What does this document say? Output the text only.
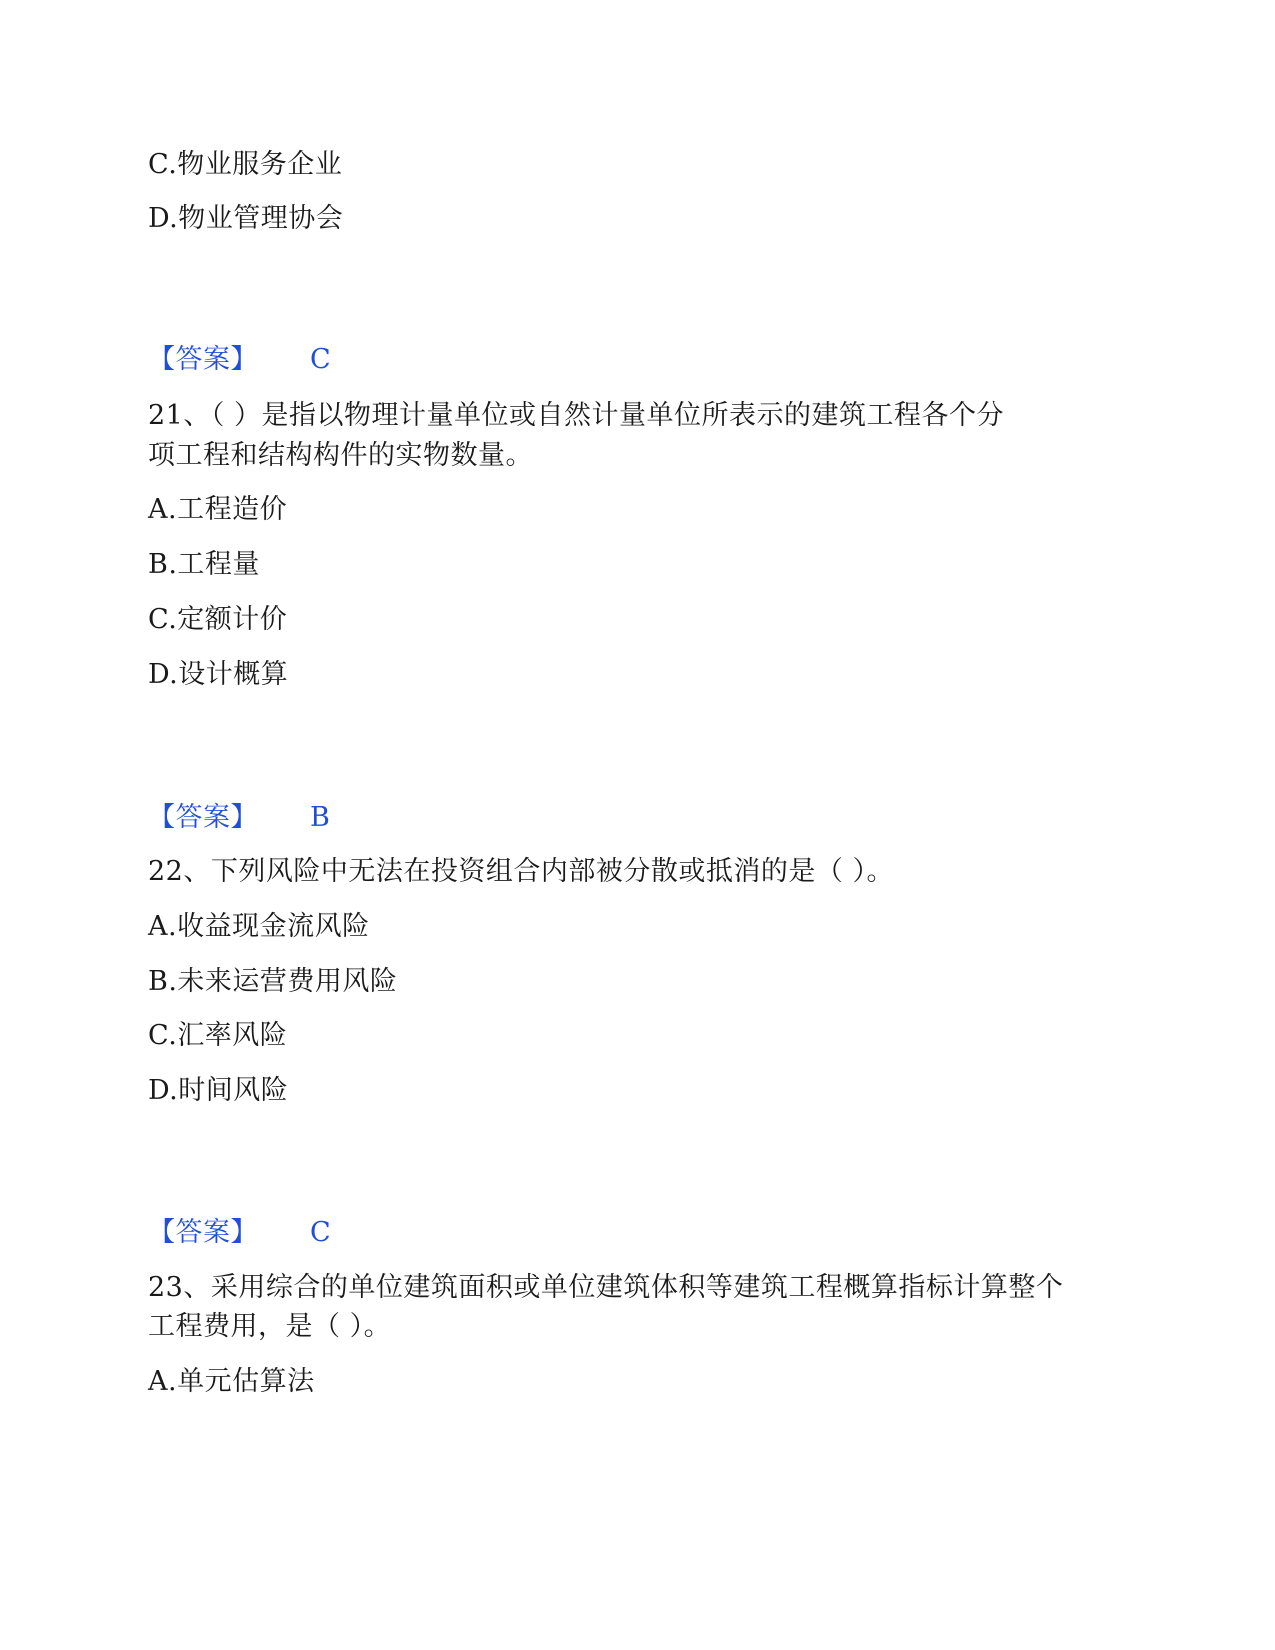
C.物业服务企业
D.物业管理协会
【答案】 C
21、（ ）是指以物理计量单位或自然计量单位所表示的建筑工程各个分
项工程和结构构件的实物数量。
A.工程造价
B.工程量
C.定额计价
D.设计概算
【答案】 B
22、下列风险中无法在投资组合内部被分散或抵消的是（ ）。
A.收益现金流风险
B.未来运营费用风险
C.汇率风险
D.时间风险
【答案】 C
23、采用综合的单位建筑面积或单位建筑体积等建筑工程概算指标计算整个
工程费用，是（ ）。
A.单元估算法
